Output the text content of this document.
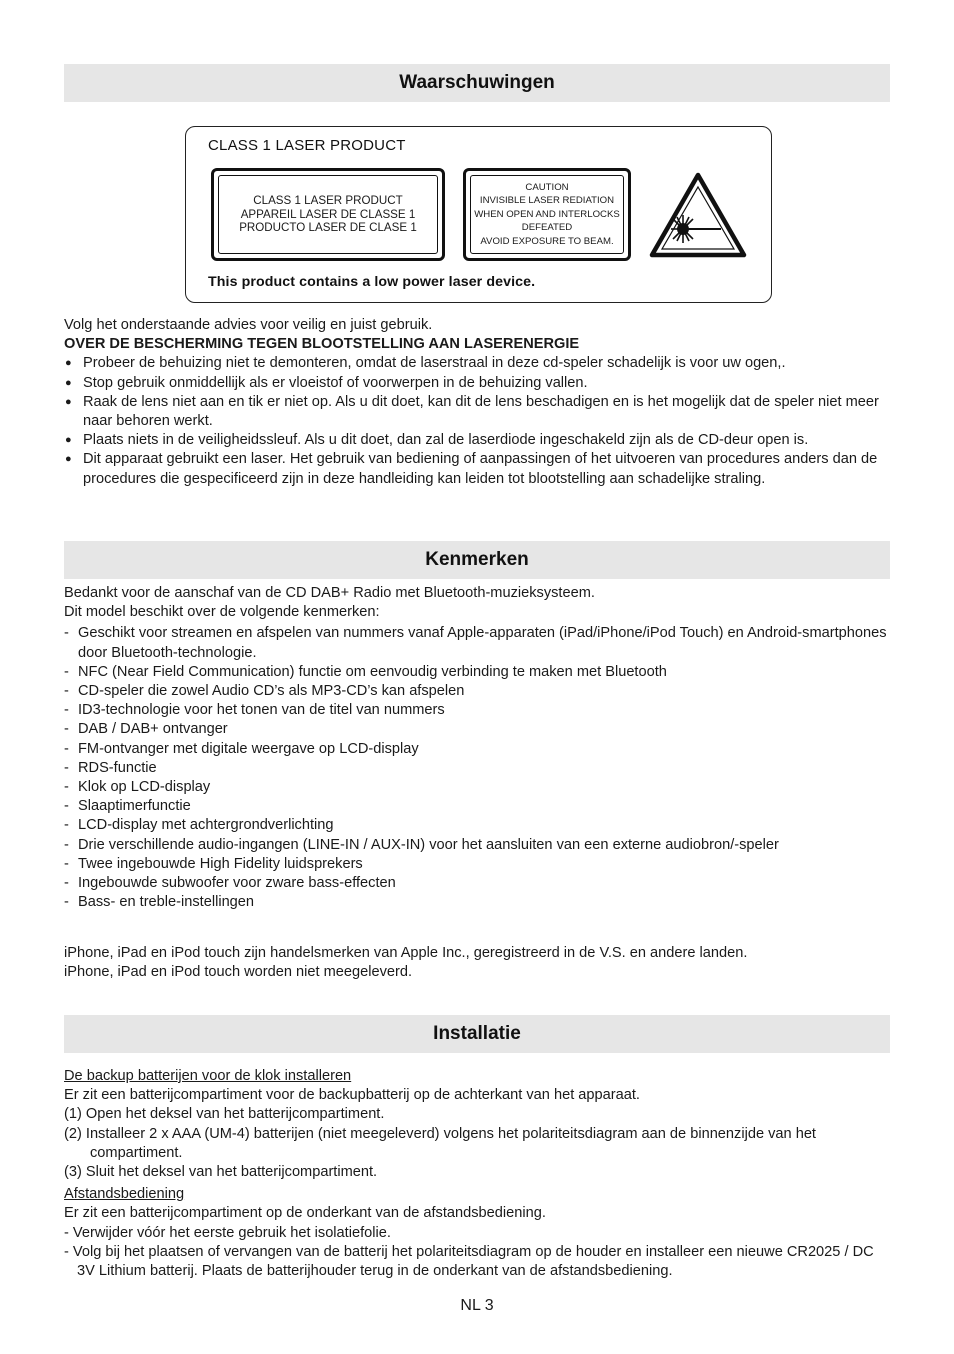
Waarschuwingen
CLASS 1 LASER PRODUCT
CLASS 1 LASER PRODUCT
APPAREIL LASER DE CLASSE 1
PRODUCTO LASER DE CLASE 1
CAUTION
INVISIBLE LASER REDIATION
WHEN OPEN AND INTERLOCKS
DEFEATED
AVOID EXPOSURE TO BEAM.
This product contains a low power laser device.

Volg het onderstaande advies voor veilig en juist gebruik.

OVER DE BESCHERMING TEGEN BLOOTSTELLING AAN LASERENERGIE

● Probeer de behuizing niet te demonteren, omdat de laserstraal in deze cd-speler schadelijk is voor uw ogen,.
● Stop gebruik onmiddellijk als er vloeistof of voorwerpen in de behuizing vallen.
● Raak de lens niet aan en tik er niet op. Als u dit doet, kan dit de lens beschadigen en is het mogelijk dat de speler niet meer naar behoren werkt.
● Plaats niets in de veiligheidssleuf. Als u dit doet, dan zal de laserdiode ingeschakeld zijn als de CD-deur open is.
● Dit apparaat gebruikt een laser. Het gebruik van bediening of aanpassingen of het uitvoeren van procedures anders dan de procedures die gespecificeerd zijn in deze handleiding kan leiden tot blootstelling aan schadelijke straling.
Kenmerken

Bedankt voor de aanschaf van de CD DAB+ Radio met Bluetooth-muzieksysteem.

Dit model beschikt over de volgende kenmerken:

- Geschikt voor streamen en afspelen van nummers vanaf Apple-apparaten (iPad/iPhone/iPod Touch) en Android-smartphones door Bluetooth-technologie.
- NFC (Near Field Communication) functie om eenvoudig verbinding te maken met Bluetooth
- CD-speler die zowel Audio CD’s als MP3-CD’s kan afspelen
- ID3-technologie voor het tonen van de titel van nummers
- DAB / DAB+ ontvanger
- FM-ontvanger met digitale weergave op LCD-display
- RDS-functie
- Klok op LCD-display
- Slaaptimerfunctie
- LCD-display met achtergrondverlichting
- Drie verschillende audio-ingangen (LINE-IN / AUX-IN) voor het aansluiten van een externe audiobron/-speler
- Twee ingebouwde High Fidelity luidsprekers
- Ingebouwde subwoofer voor zware bass-effecten
- Bass- en treble-instellingen

iPhone, iPad en iPod touch zijn handelsmerken van Apple Inc., geregistreerd in de V.S. en andere landen.

iPhone, iPad en iPod touch worden niet meegeleverd.

Installatie

De backup batterijen voor de klok installeren

Er zit een batterijcompartiment voor de backupbatterij op de achterkant van het apparaat.

(1) Open het deksel van het batterijcompartiment.

(2) Installeer 2 x AAA (UM-4) batterijen (niet meegeleverd) volgens het polariteitsdiagram aan de binnenzijde van het compartiment.

(3) Sluit het deksel van het batterijcompartiment.

Afstandsbediening

Er zit een batterijcompartiment op de onderkant van de afstandsbediening.

- Verwijder vóór het eerste gebruik het isolatiefolie.

- Volg bij het plaatsen of vervangen van de batterij het polariteitsdiagram op de houder en installeer een nieuwe CR2025 / DC 3V Lithium batterij. Plaats de batterijhouder terug in de onderkant van de afstandsbediening.

NL 3
